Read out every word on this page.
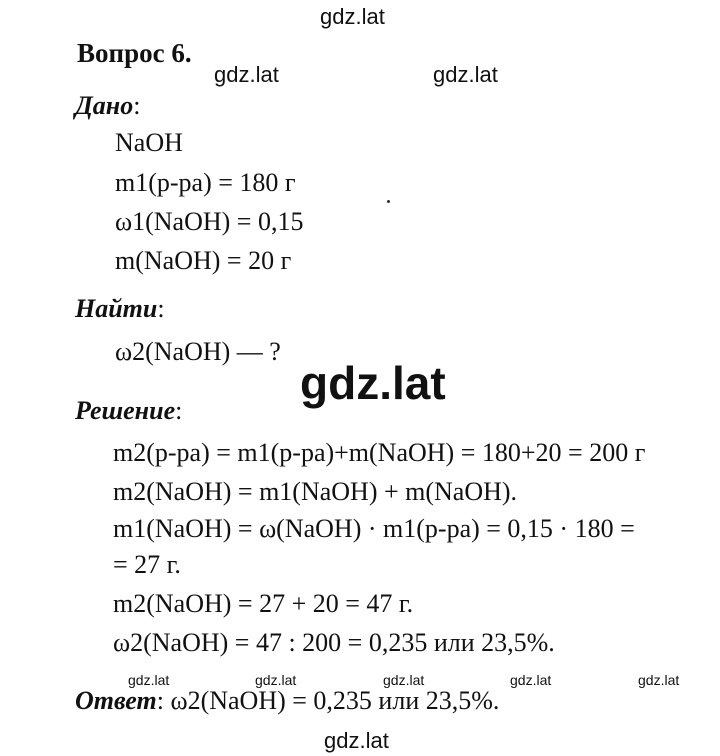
gdz.lat
gdz.lat	gdz.lat
gdz.lat
gdz.lat	gdz.lat	gdz.lat	gdz.lat	gdz.lat
gdz.lat
Вопрос 6.
Дано:
NaOH
m1(р-ра) = 180 г
ω1(NaOH) = 0,15
m(NaOH) = 20 г
Найти:
ω2(NaOH) — ?
Решение:
m2(р-ра) = m1(р-ра)+m(NaOH) = 180+20 = 200 г
m2(NaOH) = m1(NaOH) + m(NaOH).
m1(NaOH) = ω(NaOH) · m1(р-ра) = 0,15 · 180 =
= 27 г.
m2(NaOH) = 27 + 20 = 47 г.
ω2(NaOH) = 47 : 200 = 0,235 или 23,5%.
Ответ: ω2(NaOH) = 0,235 или 23,5%.
